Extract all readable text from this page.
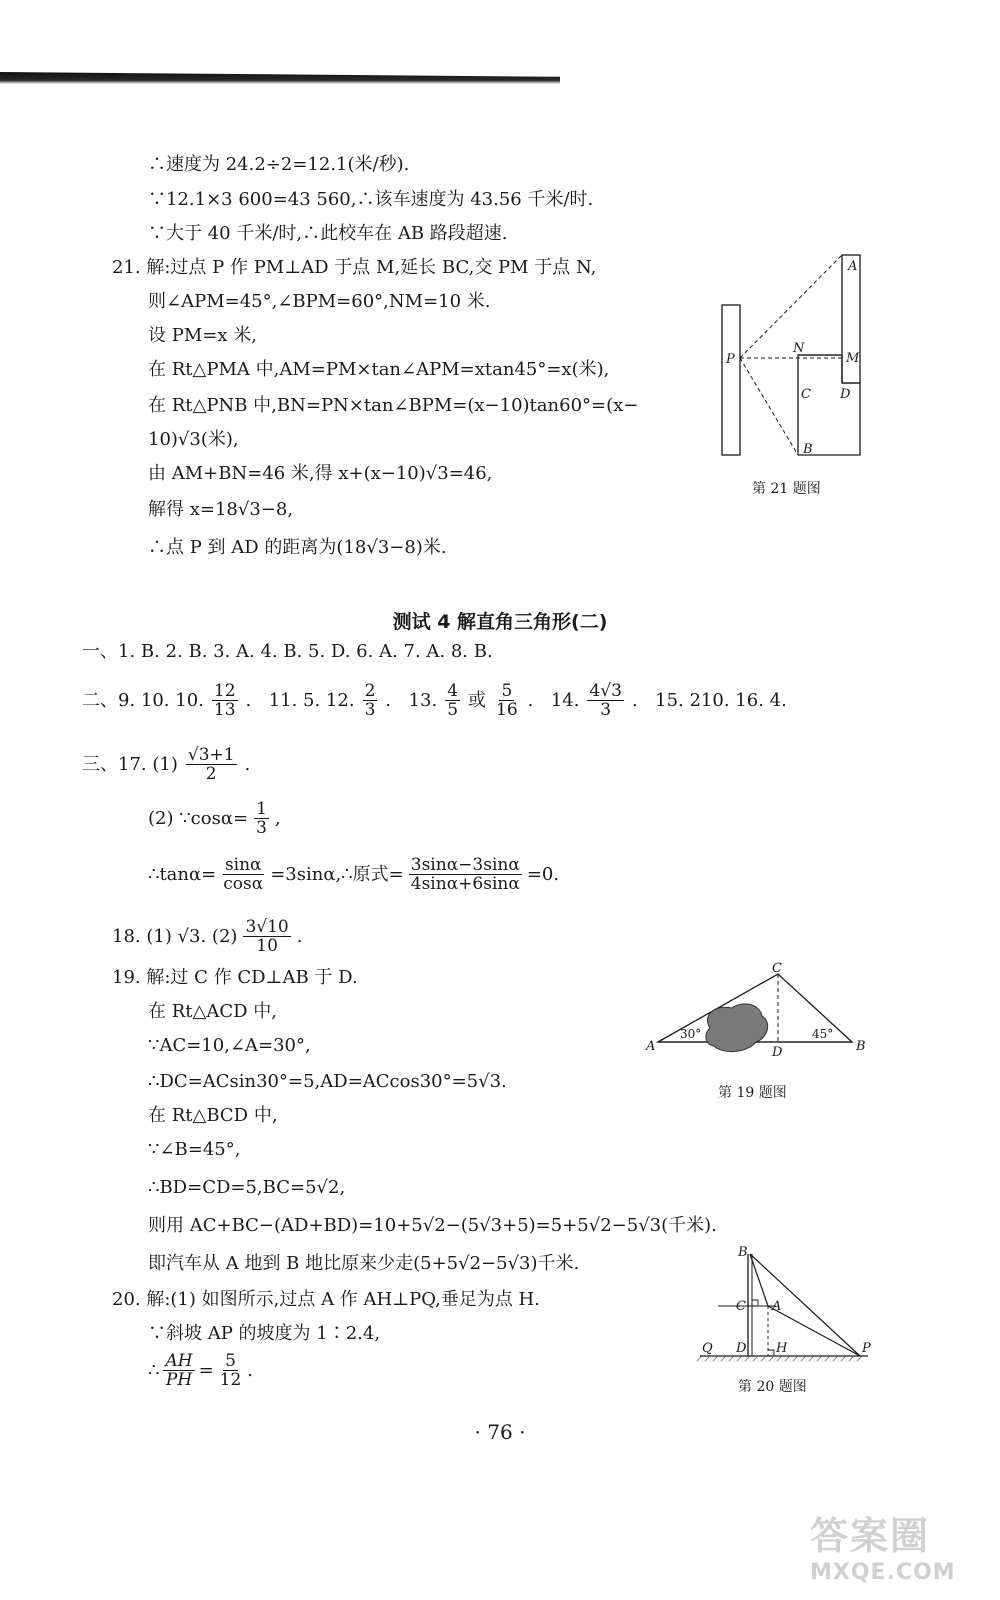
∴速度为 24.2÷2=12.1(米/秒).
∵12.1×3 600=43 560,∴该车速度为 43.56 千米/时.
∵大于 40 千米/时,∴此校车在 AB 路段超速.
21. 解:过点 P 作 PM⊥AD 于点 M,延长 BC,交 PM 于点 N,
则∠APM=45°,∠BPM=60°,NM=10 米.
设 PM=x 米,
在 Rt△PMA 中,AM=PM×tan∠APM=xtan45°=x(米),
在 Rt△PNB 中,BN=PN×tan∠BPM=(x−10)tan60°=(x−
10)√3(米),
由 AM+BN=46 米,得 x+(x−10)√3=46,
解得 x=18√3−8,
∴点 P 到 AD 的距离为(18√3−8)米.
A
M
N
P
C D
B
第 21 题图
测试 4 解直角三角形(二)
一、1. B. 2. B. 3. A. 4. B. 5. D. 6. A. 7. A. 8. B.
二、9. 10. 10. $\frac{12}{13}$ . 11. 5. 12. $\frac{2}{3}$ . 13. $\frac{4}{5}$ 或 $\frac{5}{16}$ . 14. $\frac{4√3}{3}$ . 15. 210. 16. 4.
三、17. $(1) \frac{√3+1}{2}$ .
(2) ∵cosα= $\frac{1}{3}$ ,
∴tanα= $\frac{\sin\alpha}{\cos\alpha}$ =3sinα,∴原式= $\frac{3\sin\alpha-3\sin\alpha}{4\sin\alpha+6\sin\alpha} =0$.
18. (1) √3. $(2) \frac{3√10}{10}$ .
19. 解:过 C 作 CD⊥AB 于 D.
在 Rt△ACD 中,
∵AC=10,∠A=30°,
∴DC=ACsin30°=5,AD=ACcos30°=5√3.
在 Rt△BCD 中,
∵∠B=45°,
∴BD=CD=5,BC=5√2,
则用 AC+BC−(AD+BD)=10+5√2−(5√3+5)=5+5√2−5√3(千米).
即汽车从 A 地到 B 地比原来少走(5+5√2−5√3)千米.
C
A	B
D
30°	45°
第 19 题图
20. 解:(1) 如图所示,过点 A 作 AH⊥PQ,垂足为点 H.
∵斜坡 AP 的坡度为 1∶2.4,
∴ $\frac{AH}{PH} = \frac{5}{12}$ .
B
C A
Q D H	P
第 20 题图
· 76 ·
答案圈
MXQE.COM
